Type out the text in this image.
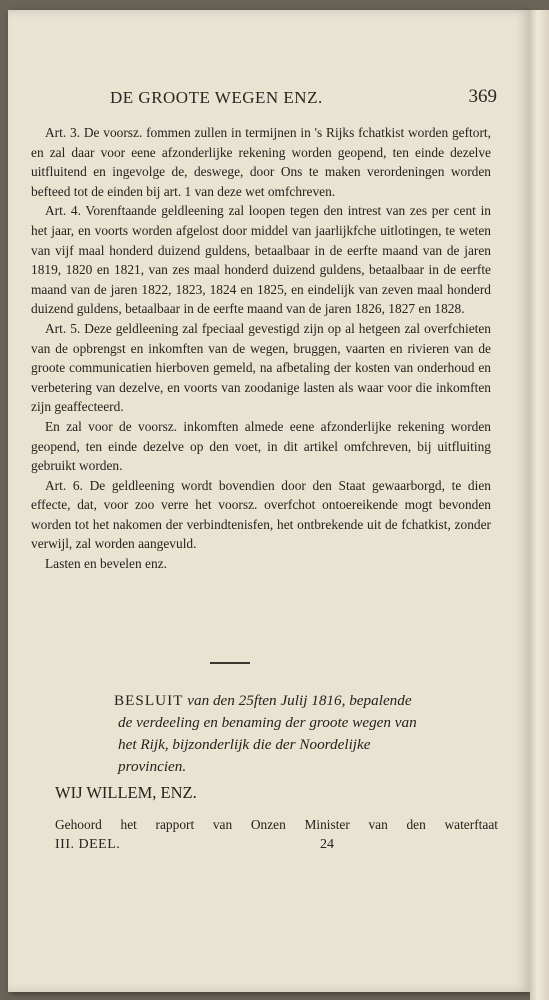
DE GROOTE WEGEN ENZ.	369

Art. 3. De voorsz. fommen zullen in termijnen in 's Rijks fchatkist worden geftort, en zal daar voor eene afzonderlijke rekening worden geopend, ten einde dezelve uitfluitend en ingevolge de, deswege, door Ons te maken verordeningen worden befteed tot de einden bij art. 1 van deze wet omfchreven.

Art. 4. Vorenftaande geldleening zal loopen tegen den intrest van zes per cent in het jaar, en voorts worden afgelost door middel van jaarlijkfche uitlotingen, te weten van vijf maal honderd duizend guldens, betaalbaar in de eerfte maand van de jaren 1819, 1820 en 1821, van zes maal honderd duizend guldens, betaalbaar in de eerfte maand van de jaren 1822, 1823, 1824 en 1825, en eindelijk van zeven maal honderd duizend guldens, betaalbaar in de eerfte maand van de jaren 1826, 1827 en 1828.

Art. 5. Deze geldleening zal fpeciaal gevestigd zijn op al hetgeen zal overfchieten van de opbrengst en inkomften van de wegen, bruggen, vaarten en rivieren van de groote communicatien hierboven gemeld, na afbetaling der kosten van onderhoud en verbetering van dezelve, en voorts van zoodanige lasten als waar voor die inkomften zijn geaffecteerd.

En zal voor de voorsz. inkomften almede eene afzonderlijke rekening worden geopend, ten einde dezelve op den voet, in dit artikel omfchreven, bij uitfluiting gebruikt worden.

Art. 6. De geldleening wordt bovendien door den Staat gewaarborgd, te dien effecte, dat, voor zoo verre het voorsz. overfchot ontoereikende mogt bevonden worden tot het nakomen der verbindtenisfen, het ontbrekende uit de fchatkist, zonder verwijl, zal worden aangevuld.

Lasten en bevelen enz.

BESLUIT van den 25ften Julij 1816, bepalende de verdeeling en benaming der groote wegen van het Rijk, bijzonderlijk die der Noordelijke provincien.
WIJ WILLEM, ENZ.
Gehoord het rapport van Onzen Minister van den waterftaat
III. DEEL.	24
